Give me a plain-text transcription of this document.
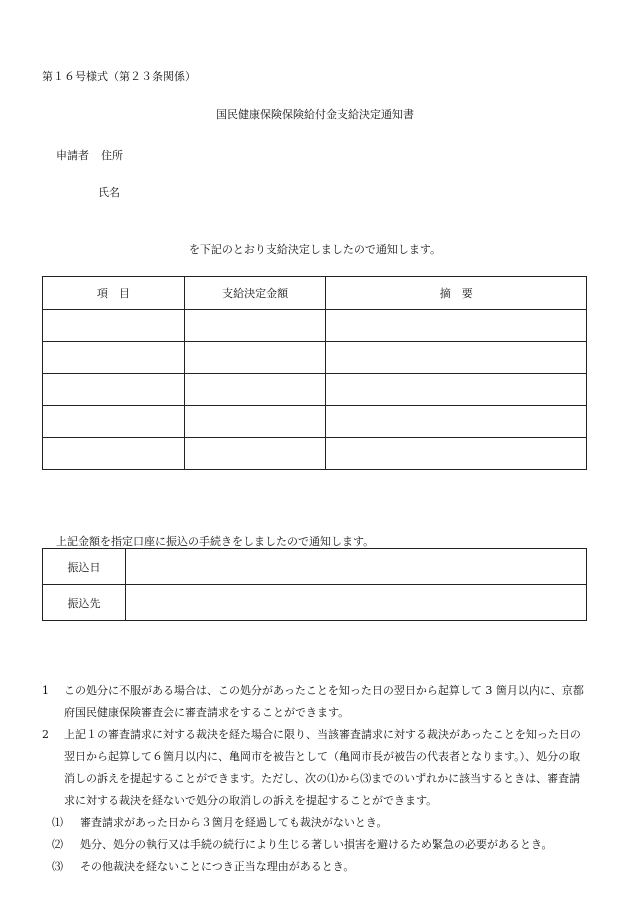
第１６号様式（第２３条関係）
国民健康保険保険給付金支給決定通知書
申請者 住所
氏名
を下記のとおり支給決定しましたので通知します。
項　目	支給決定金額	摘　要

上記金額を指定口座に振込の手続きをしましたので通知します。
振込日	
振込先	
1	この処分に不服がある場合は、この処分があったことを知った日の翌日から起算して 3 箇月以内に、京都府国民健康保険審査会に審査請求をすることができます。
2	上記１の審査請求に対する裁決を経た場合に限り、当該審査請求に対する裁決があったことを知った日の翌日から起算して６箇月以内に、亀岡市を被告として（亀岡市長が被告の代表者となります。）、処分の取消しの訴えを提起することができます。ただし、次の⑴から⑶までのいずれかに該当するときは、審査請求に対する裁決を経ないで処分の取消しの訴えを提起することができます。
⑴	審査請求があった日から３箇月を経過しても裁決がないとき。
⑵	処分、処分の執行又は手続の続行により生じる著しい損害を避けるため緊急の必要があるとき。
⑶	その他裁決を経ないことにつき正当な理由があるとき。
